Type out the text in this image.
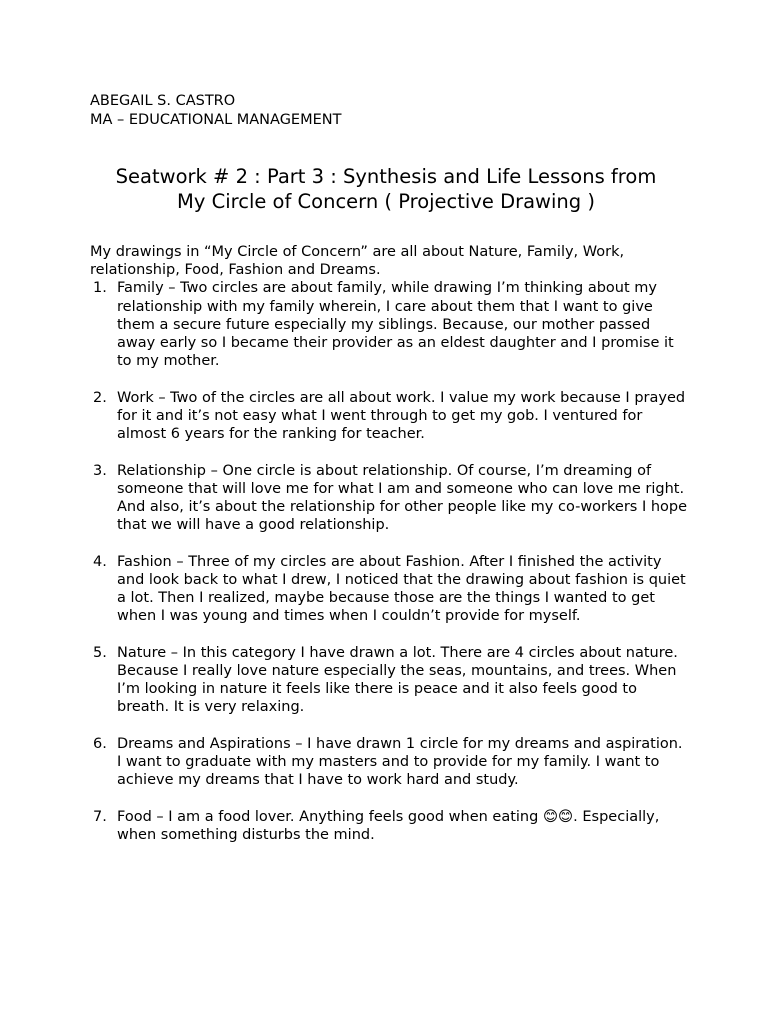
ABEGAIL S. CASTRO
MA – EDUCATIONAL MANAGEMENT
Seatwork # 2 : Part 3 : Synthesis and Life Lessons from
My Circle of Concern ( Projective Drawing )

My drawings in “My Circle of Concern” are all about Nature, Family, Work, relationship, Food, Fashion and Dreams.

1. Family – Two circles are about family, while drawing I’m thinking about my relationship with my family wherein, I care about them that I want to give them a secure future especially my siblings. Because, our mother passed away early so I became their provider as an eldest daughter and I promise it to my mother.
2. Work – Two of the circles are all about work. I value my work because I prayed for it and it’s not easy what I went through to get my gob. I ventured for almost 6 years for the ranking for teacher.
3. Relationship – One circle is about relationship. Of course, I’m dreaming of someone that will love me for what I am and someone who can love me right. And also, it’s about the relationship for other people like my co-workers I hope that we will have a good relationship.
4. Fashion – Three of my circles are about Fashion. After I finished the activity and look back to what I drew, I noticed that the drawing about fashion is quiet a lot. Then I realized, maybe because those are the things I wanted to get when I was young and times when I couldn’t provide for myself.
5. Nature – In this category I have drawn a lot. There are 4 circles about nature. Because I really love nature especially the seas, mountains, and trees. When I’m looking in nature it feels like there is peace and it also feels good to breath. It is very relaxing.
6. Dreams and Aspirations – I have drawn 1 circle for my dreams and aspiration. I want to graduate with my masters and to provide for my family. I want to achieve my dreams that I have to work hard and study.
7. Food – I am a food lover. Anything feels good when eating 😊😊. Especially, when something disturbs the mind.
